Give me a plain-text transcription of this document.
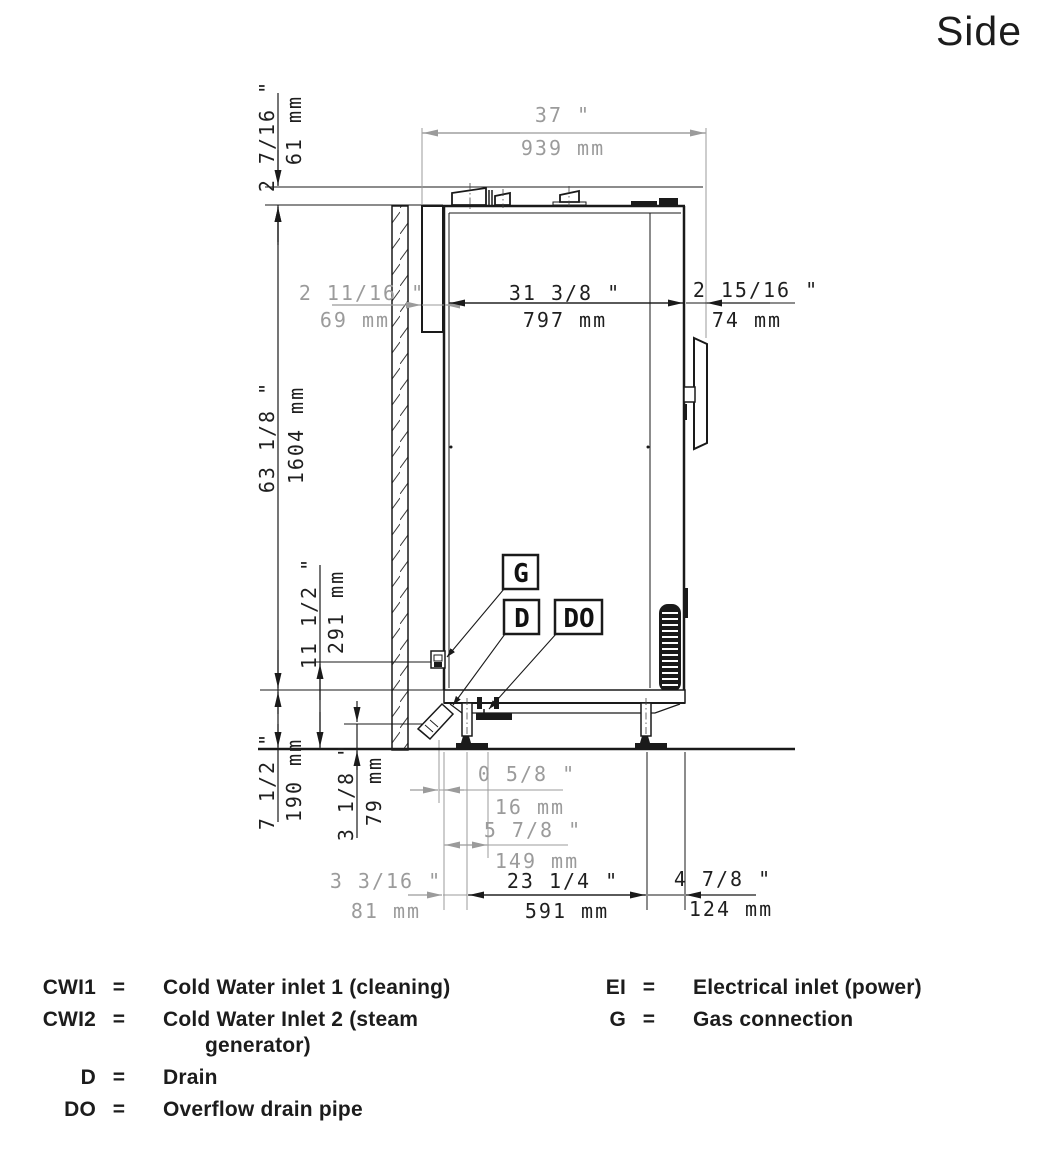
Side
2 7/16 " 61 mm	37 "
939 mm
2 11/16 "
69 mm
31 3/8 "
797 mm
2 15/16 "
74 mm
63 1/8 " 1604 mm
11 1/2 " 291 mm
7 1/2 " 190 mm 3 1/8 " 79 mm	0 5/8 "
16 mm
5 7/8 "
149 mm
3 3/16 "
81 mm
23 1/4 "
591 mm
4 7/8 "
124 mm
G
D DO
CWI1 =	Cold Water inlet 1 (cleaning)
CWI2 =	Cold Water Inlet 2 (steam generator)
D =	Drain
DO =	Overflow drain pipe
EI =	Electrical inlet (power)
G =	Gas connection
